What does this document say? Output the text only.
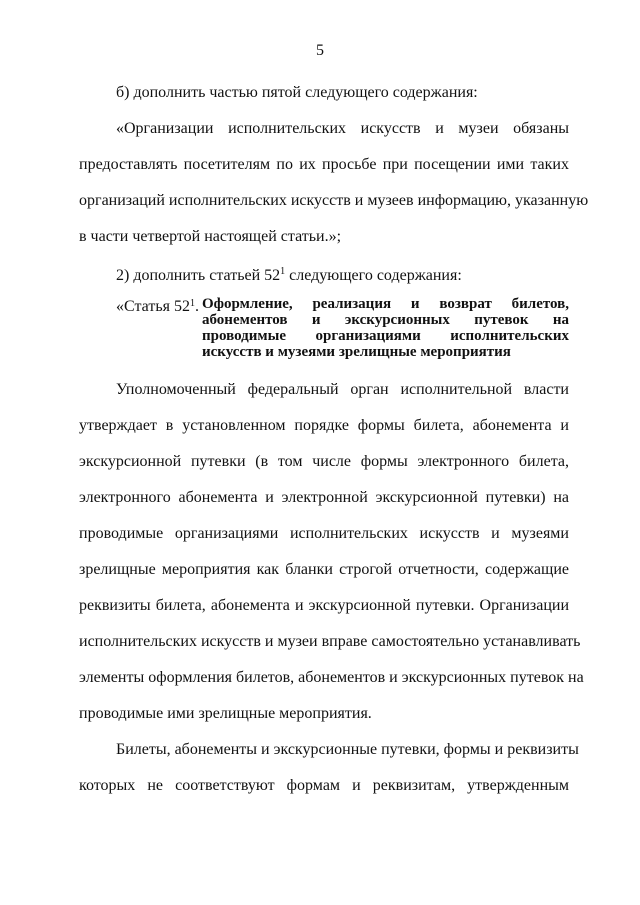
5
б) дополнить частью пятой следующего содержания:
«Организации исполнительских искусств и музеи обязаны
предоставлять посетителям по их просьбе при посещении ими таких
организаций исполнительских искусств и музеев информацию, указанную
в части четвертой настоящей статьи.»;
2) дополнить статьей $52^1$ следующего содержания:
«Статья $52^1$. Оформление, реализация и возврат билетов,
абонементов и экскурсионных путевок на
проводимые организациями исполнительских
искусств и музеями зрелищные мероприятия
Уполномоченный федеральный орган исполнительной власти
утверждает в установленном порядке формы билета, абонемента и
экскурсионной путевки (в том числе формы электронного билета,
электронного абонемента и электронной экскурсионной путевки) на
проводимые организациями исполнительских искусств и музеями
зрелищные мероприятия как бланки строгой отчетности, содержащие
реквизиты билета, абонемента и экскурсионной путевки. Организации
исполнительских искусств и музеи вправе самостоятельно устанавливать
элементы оформления билетов, абонементов и экскурсионных путевок на
проводимые ими зрелищные мероприятия.
Билеты, абонементы и экскурсионные путевки, формы и реквизиты
которых не соответствуют формам и реквизитам, утвержденным
